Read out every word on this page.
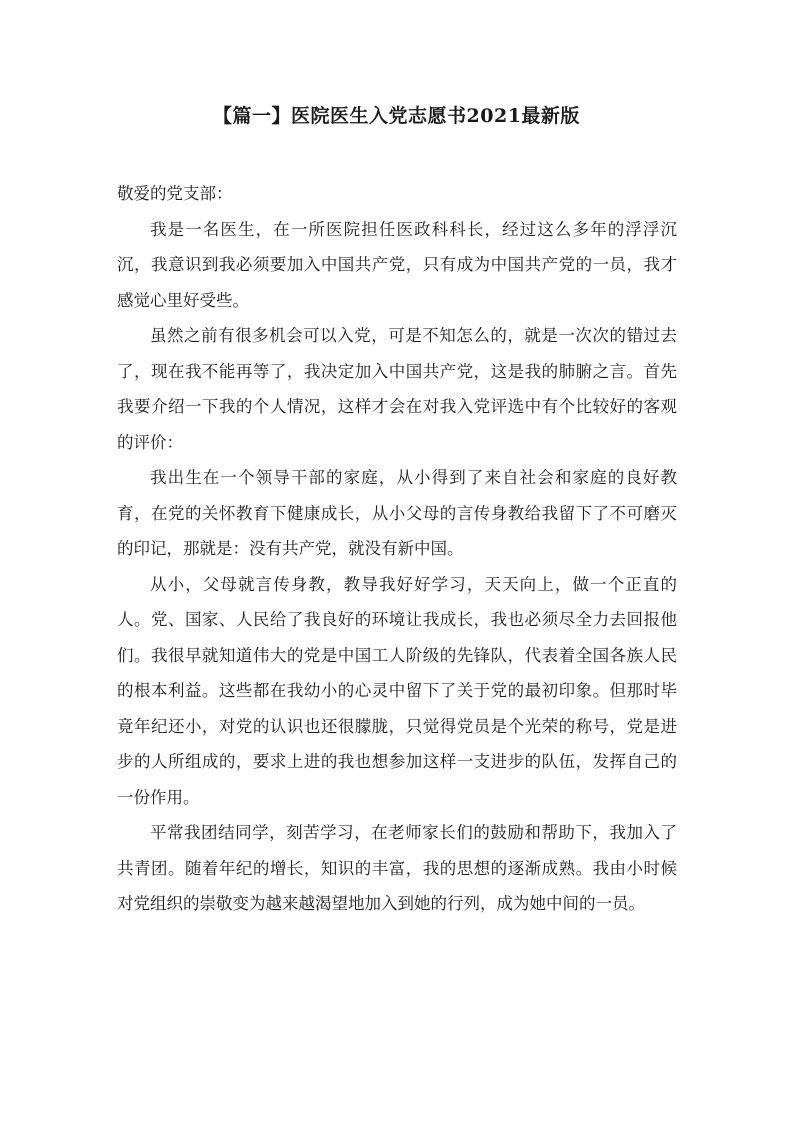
【篇一】医院医生入党志愿书2021最新版

敬爱的党支部：

我是一名医生，在一所医院担任医政科科长，经过这么多年的浮浮沉沉，我意识到我必须要加入中国共产党，只有成为中国共产党的一员，我才感觉心里好受些。

虽然之前有很多机会可以入党，可是不知怎么的，就是一次次的错过去了，现在我不能再等了，我决定加入中国共产党，这是我的肺腑之言。首先我要介绍一下我的个人情况，这样才会在对我入党评选中有个比较好的客观的评价：

我出生在一个领导干部的家庭，从小得到了来自社会和家庭的良好教育，在党的关怀教育下健康成长，从小父母的言传身教给我留下了不可磨灭的印记，那就是：没有共产党，就没有新中国。

从小，父母就言传身教，教导我好好学习，天天向上，做一个正直的人。党、国家、人民给了我良好的环境让我成长，我也必须尽全力去回报他们。我很早就知道伟大的党是中国工人阶级的先锋队，代表着全国各族人民的根本利益。这些都在我幼小的心灵中留下了关于党的最初印象。但那时毕竟年纪还小，对党的认识也还很朦胧，只觉得党员是个光荣的称号，党是进步的人所组成的，要求上进的我也想参加这样一支进步的队伍，发挥自己的一份作用。

平常我团结同学，刻苦学习，在老师家长们的鼓励和帮助下，我加入了共青团。随着年纪的增长，知识的丰富，我的思想的逐渐成熟。我由小时候对党组织的崇敬变为越来越渴望地加入到她的行列，成为她中间的一员。
